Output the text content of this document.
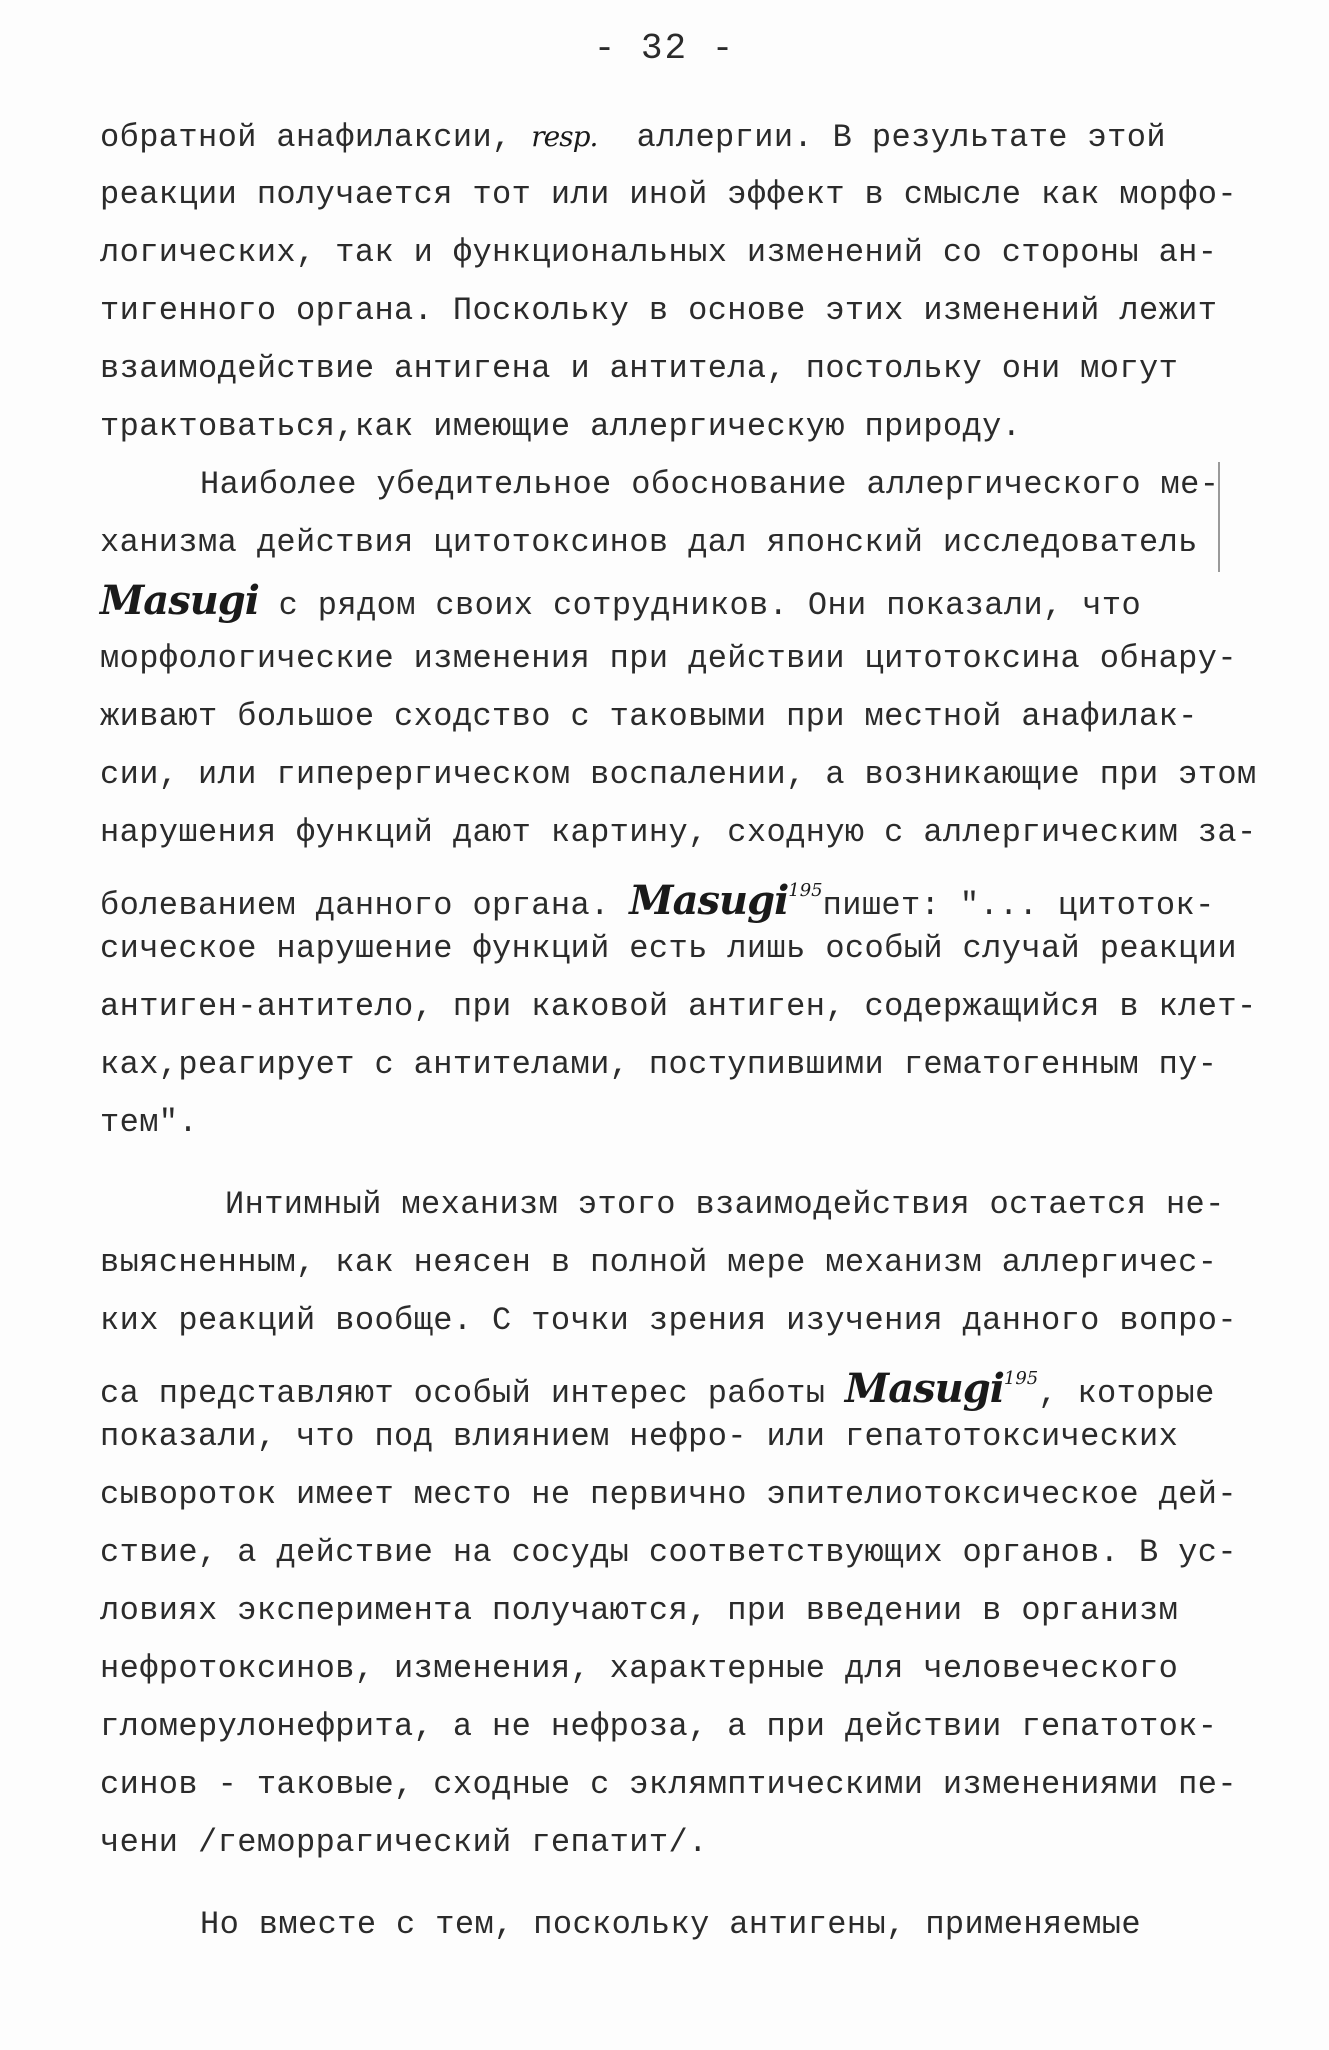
- 32 -
обратной анафилаксии, resp.  аллергии. В результате этой
реакции получается тот или иной эффект в смысле как морфо-
логических, так и функциональных изменений со стороны ан-
тигенного органа. Поскольку в основе этих изменений лежит
взаимодействие антигена и антитела, постольку они могут
трактоваться,как имеющие аллергическую природу.
Наиболее убедительное обоснование аллергического ме-
ханизма действия цитотоксинов дал японский исследователь
Masugi с рядом своих сотрудников. Они показали, что
морфологические изменения при действии цитотоксина обнару-
живают большое сходство с таковыми при местной анафилак-
сии, или гиперергическом воспалении, а возникающие при этом
нарушения функций дают картину, сходную с аллергическим за-
болеванием данного органа. Masugi$^{195}$пишет: "... цитоток-
сическое нарушение функций есть лишь особый случай реакции
антиген-антитело, при каковой антиген, содержащийся в клет-
ках,реагирует с антителами, поступившими гематогенным пу-
тем".
Интимный механизм этого взаимодействия остается не-
выясненным, как неясен в полной мере механизм аллергичес-
ких реакций вообще. С точки зрения изучения данного вопро-
са представляют особый интерес работы Masugi$^{195}$, которые
показали, что под влиянием нефро- или гепатотоксических
сывороток имеет место не первично эпителиотоксическое дей-
ствие, а действие на сосуды соответствующих органов. В ус-
ловиях эксперимента получаются, при введении в организм
нефротоксинов, изменения, характерные для человеческого
гломерулонефрита, а не нефроза, а при действии гепатоток-
синов - таковые, сходные с эклямптическими изменениями пе-
чени /геморрагический гепатит/.
Но вместе с тем, поскольку антигены, применяемые
